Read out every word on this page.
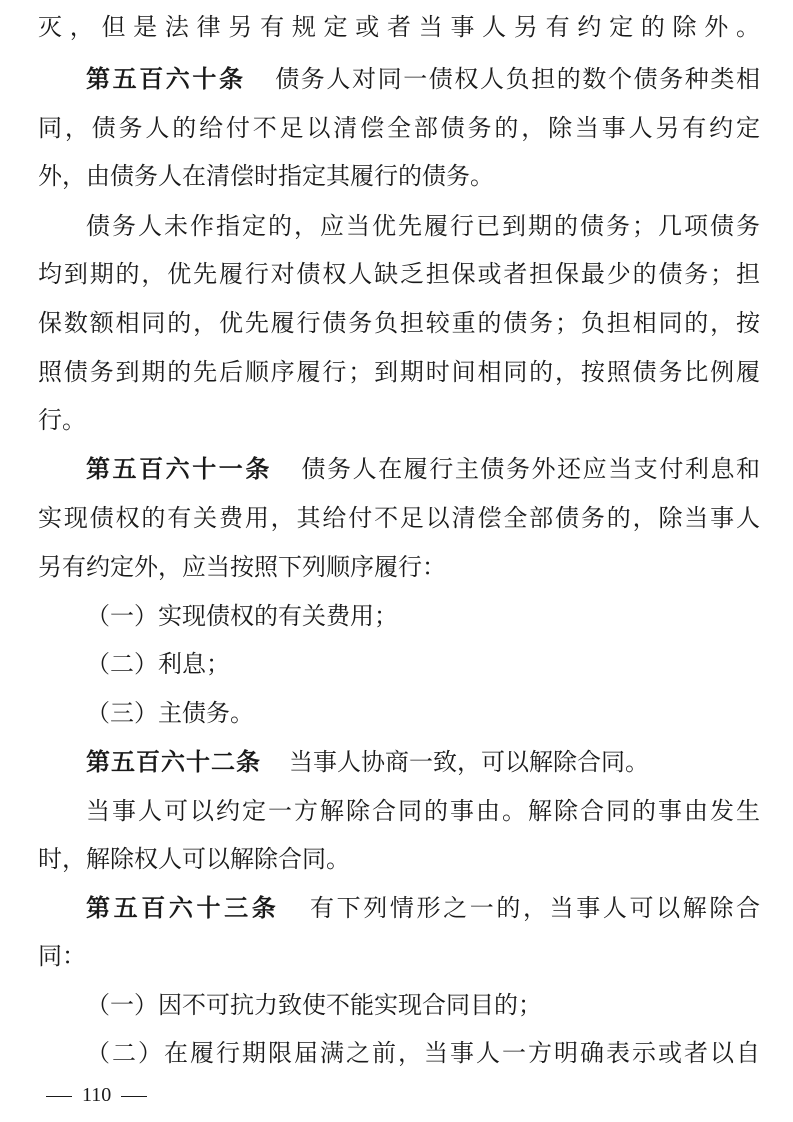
灭，但是法律另有规定或者当事人另有约定的除外。
第五百六十条 债务人对同一债权人负担的数个债务种类相
同，债务人的给付不足以清偿全部债务的，除当事人另有约定
外，由债务人在清偿时指定其履行的债务。
债务人未作指定的，应当优先履行已到期的债务；几项债务
均到期的，优先履行对债权人缺乏担保或者担保最少的债务；担
保数额相同的，优先履行债务负担较重的债务；负担相同的，按
照债务到期的先后顺序履行；到期时间相同的，按照债务比例履
行。
第五百六十一条 债务人在履行主债务外还应当支付利息和
实现债权的有关费用，其给付不足以清偿全部债务的，除当事人
另有约定外，应当按照下列顺序履行：
（一）实现债权的有关费用；
（二）利息；
（三）主债务。
第五百六十二条 当事人协商一致，可以解除合同。
当事人可以约定一方解除合同的事由。解除合同的事由发生
时，解除权人可以解除合同。
第五百六十三条 有下列情形之一的，当事人可以解除合
同：
（一）因不可抗力致使不能实现合同目的；
（二）在履行期限届满之前，当事人一方明确表示或者以自
110
